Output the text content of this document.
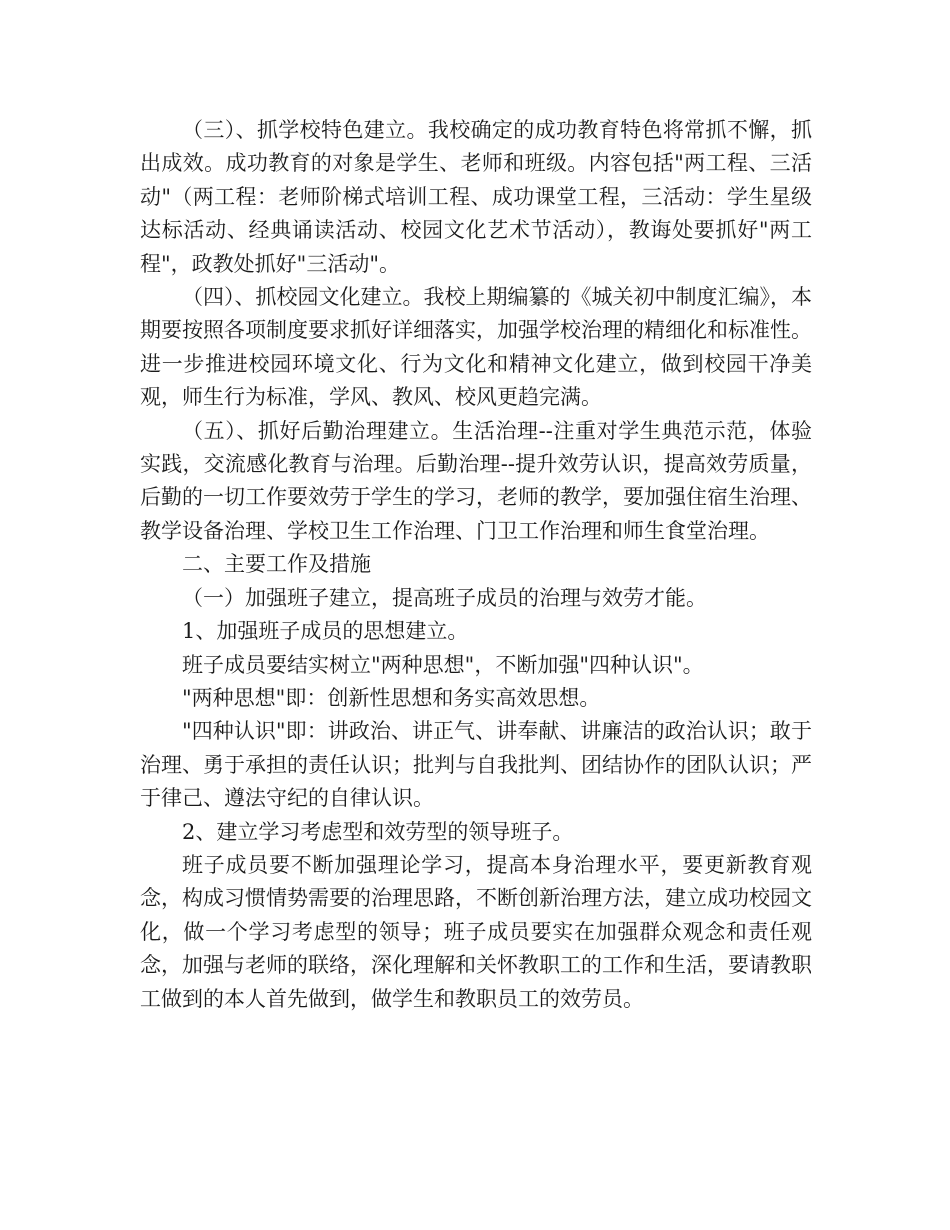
（三）、抓学校特色建立。我校确定的成功教育特色将常抓不懈，抓出成效。成功教育的对象是学生、老师和班级。内容包括"两工程、三活动"（两工程：老师阶梯式培训工程、成功课堂工程，三活动：学生星级达标活动、经典诵读活动、校园文化艺术节活动），教诲处要抓好"两工程"，政教处抓好"三活动"。

（四）、抓校园文化建立。我校上期编纂的《城关初中制度汇编》，本期要按照各项制度要求抓好详细落实，加强学校治理的精细化和标准性。进一步推进校园环境文化、行为文化和精神文化建立，做到校园干净美观，师生行为标准，学风、教风、校风更趋完满。

（五）、抓好后勤治理建立。生活治理--注重对学生典范示范，体验实践，交流感化教育与治理。后勤治理--提升效劳认识，提高效劳质量，后勤的一切工作要效劳于学生的学习，老师的教学，要加强住宿生治理、教学设备治理、学校卫生工作治理、门卫工作治理和师生食堂治理。

二、主要工作及措施

（一）加强班子建立，提高班子成员的治理与效劳才能。

1、加强班子成员的思想建立。

班子成员要结实树立"两种思想"，不断加强"四种认识"。

"两种思想"即：创新性思想和务实高效思想。

"四种认识"即：讲政治、讲正气、讲奉献、讲廉洁的政治认识；敢于治理、勇于承担的责任认识；批判与自我批判、团结协作的团队认识；严于律己、遵法守纪的自律认识。

2、建立学习考虑型和效劳型的领导班子。

班子成员要不断加强理论学习，提高本身治理水平，要更新教育观念，构成习惯情势需要的治理思路，不断创新治理方法，建立成功校园文化，做一个学习考虑型的领导；班子成员要实在加强群众观念和责任观念，加强与老师的联络，深化理解和关怀教职工的工作和生活，要请教职工做到的本人首先做到，做学生和教职员工的效劳员。
